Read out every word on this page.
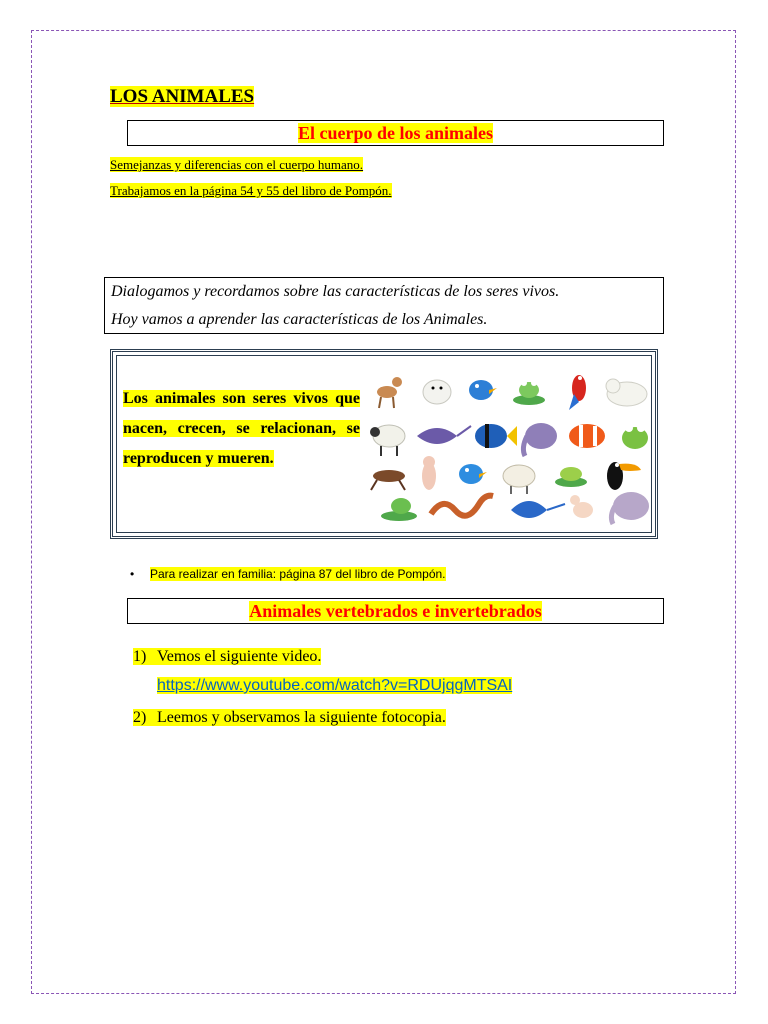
LOS ANIMALES
El cuerpo de los animales
Semejanzas y diferencias con el cuerpo humano.
Trabajamos en la página 54 y 55 del libro de Pompón.

Dialogamos y recordamos sobre las características de los seres vivos.

Hoy vamos a aprender las características de los Animales.

Los animales son seres vivos que nacen, crecen, se relacionan, se reproducen y mueren.
• Para realizar en familia: página 87 del libro de Pompón.
Animales vertebrados e invertebrados
1) Vemos el siguiente video.
https://www.youtube.com/watch?v=RDUjqgMTSAI
2) Leemos y observamos la siguiente fotocopia.
